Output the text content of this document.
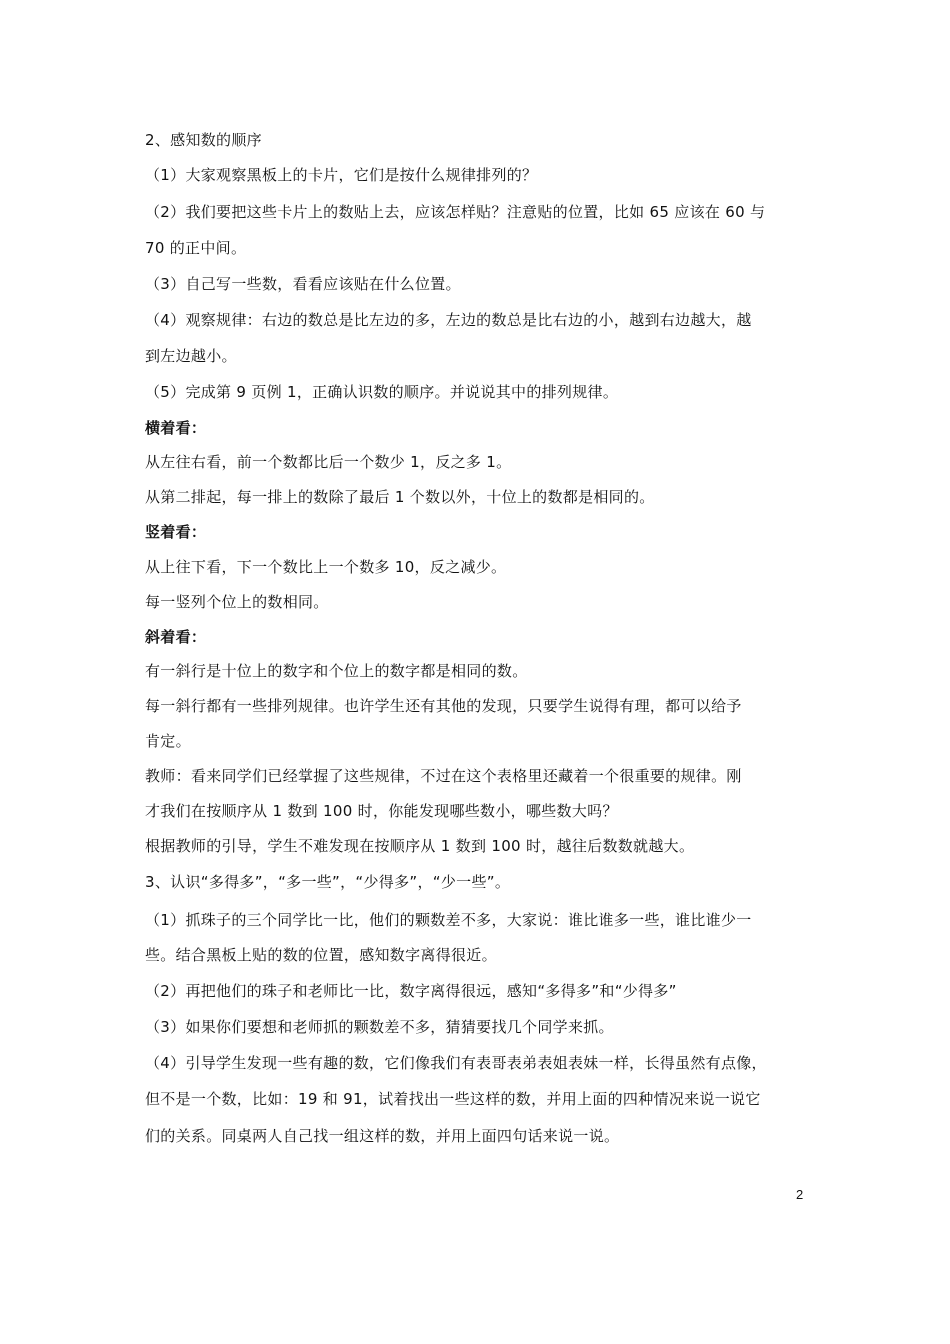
2、感知数的顺序
（1）大家观察黑板上的卡片，它们是按什么规律排列的？
（2）我们要把这些卡片上的数贴上去，应该怎样贴？注意贴的位置，比如 65 应该在 60 与
70 的正中间。
（3）自己写一些数，看看应该贴在什么位置。
（4）观察规律：右边的数总是比左边的多，左边的数总是比右边的小，越到右边越大，越
到左边越小。
（5）完成第 9 页例 1，正确认识数的顺序。并说说其中的排列规律。
横着看：
从左往右看，前一个数都比后一个数少 1，反之多 1。
从第二排起，每一排上的数除了最后 1 个数以外，十位上的数都是相同的。
竖着看：
从上往下看，下一个数比上一个数多 10，反之减少。
每一竖列个位上的数相同。
斜着看：
有一斜行是十位上的数字和个位上的数字都是相同的数。
每一斜行都有一些排列规律。也许学生还有其他的发现，只要学生说得有理，都可以给予
肯定。
教师：看来同学们已经掌握了这些规律，不过在这个表格里还藏着一个很重要的规律。刚
才我们在按顺序从 1 数到 100 时，你能发现哪些数小，哪些数大吗？
根据教师的引导，学生不难发现在按顺序从 1 数到 100 时，越往后数数就越大。
3、认识“多得多”，“多一些”，“少得多”，“少一些”。
（1）抓珠子的三个同学比一比，他们的颗数差不多，大家说：谁比谁多一些，谁比谁少一
些。结合黑板上贴的数的位置，感知数字离得很近。
（2）再把他们的珠子和老师比一比，数字离得很远，感知“多得多”和“少得多”
（3）如果你们要想和老师抓的颗数差不多，猜猜要找几个同学来抓。
（4）引导学生发现一些有趣的数，它们像我们有表哥表弟表姐表妹一样，长得虽然有点像，
但不是一个数，比如：19 和 91，试着找出一些这样的数，并用上面的四种情况来说一说它
们的关系。同桌两人自己找一组这样的数，并用上面四句话来说一说。
2
